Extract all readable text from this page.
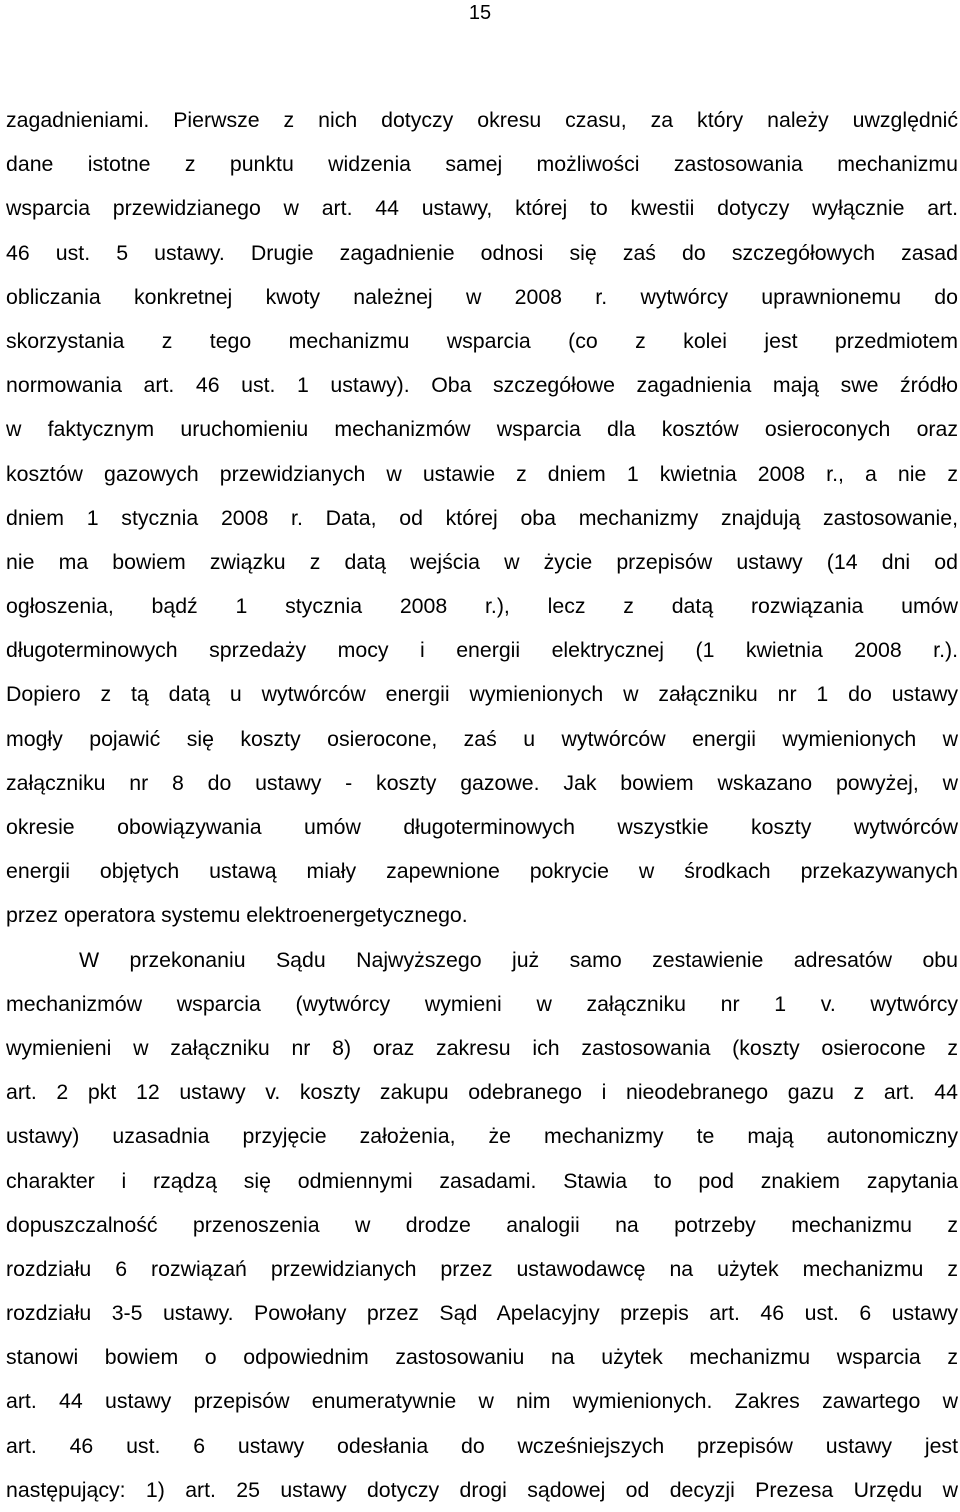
15
zagadnieniami. Pierwsze z nich dotyczy okresu czasu, za który należy uwzględnić
dane istotne z punktu widzenia samej możliwości zastosowania mechanizmu
wsparcia przewidzianego w art. 44 ustawy, której to kwestii dotyczy wyłącznie art.
46 ust. 5 ustawy. Drugie zagadnienie odnosi się zaś do szczegółowych zasad
obliczania konkretnej kwoty należnej w 2008 r. wytwórcy uprawnionemu do
skorzystania z tego mechanizmu wsparcia (co z kolei jest przedmiotem
normowania art. 46 ust. 1 ustawy). Oba szczegółowe zagadnienia mają swe źródło
w faktycznym uruchomieniu mechanizmów wsparcia dla kosztów osieroconych oraz
kosztów gazowych przewidzianych w ustawie z dniem 1 kwietnia 2008 r., a nie z
dniem 1 stycznia 2008 r. Data, od której oba mechanizmy znajdują zastosowanie,
nie ma bowiem związku z datą wejścia w życie przepisów ustawy (14 dni od
ogłoszenia, bądź 1 stycznia 2008 r.), lecz z datą rozwiązania umów
długoterminowych sprzedaży mocy i energii elektrycznej (1 kwietnia 2008 r.).
Dopiero z tą datą u wytwórców energii wymienionych w załączniku nr 1 do ustawy
mogły pojawić się koszty osierocone, zaś u wytwórców energii wymienionych w
załączniku nr 8 do ustawy - koszty gazowe. Jak bowiem wskazano powyżej, w
okresie obowiązywania umów długoterminowych wszystkie koszty wytwórców
energii objętych ustawą miały zapewnione pokrycie w środkach przekazywanych
przez operatora systemu elektroenergetycznego.
W przekonaniu Sądu Najwyższego już samo zestawienie adresatów obu
mechanizmów wsparcia (wytwórcy wymieni w załączniku nr 1 v. wytwórcy
wymienieni w załączniku nr 8) oraz zakresu ich zastosowania (koszty osierocone z
art. 2 pkt 12 ustawy v. koszty zakupu odebranego i nieodebranego gazu z art. 44
ustawy) uzasadnia przyjęcie założenia, że mechanizmy te mają autonomiczny
charakter i rządzą się odmiennymi zasadami. Stawia to pod znakiem zapytania
dopuszczalność przenoszenia w drodze analogii na potrzeby mechanizmu z
rozdziału 6 rozwiązań przewidzianych przez ustawodawcę na użytek mechanizmu z
rozdziału 3-5 ustawy. Powołany przez Sąd Apelacyjny przepis art. 46 ust. 6 ustawy
stanowi bowiem o odpowiednim zastosowaniu na użytek mechanizmu wsparcia z
art. 44 ustawy przepisów enumeratywnie w nim wymienionych. Zakres zawartego w
art. 46 ust. 6 ustawy odesłania do wcześniejszych przepisów ustawy jest
następujący: 1) art. 25 ustawy dotyczy drogi sądowej od decyzji Prezesa Urzędu w
